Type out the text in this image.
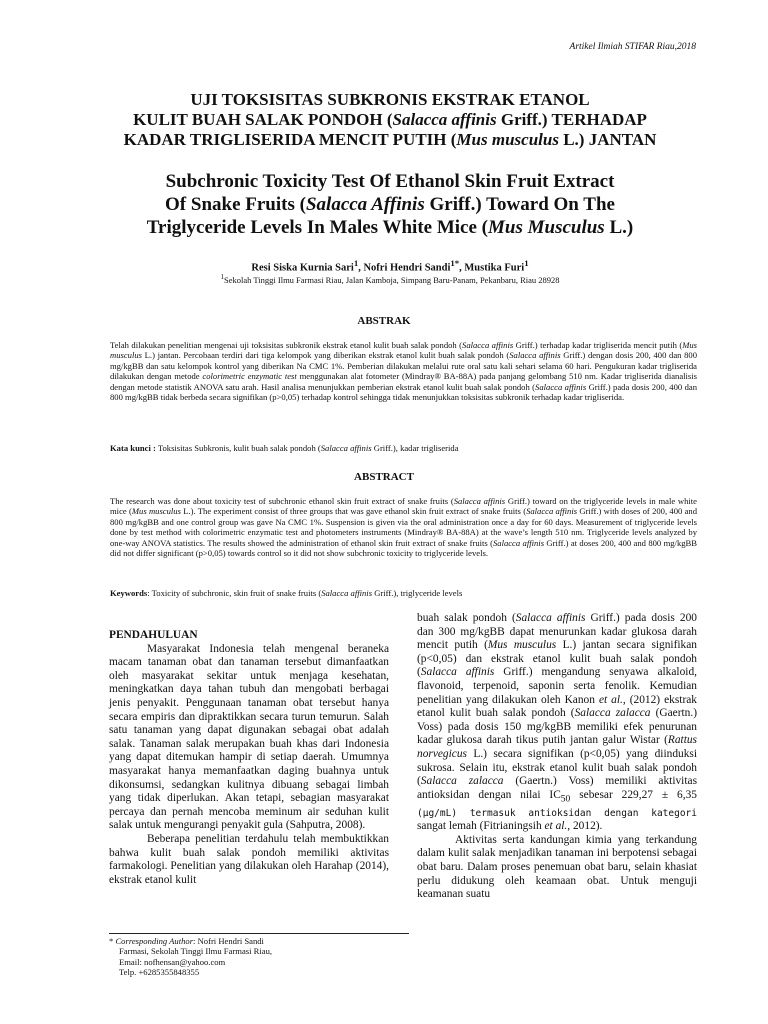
Artikel Ilmiah STIFAR Riau,2018
UJI TOKSISITAS SUBKRONIS EKSTRAK ETANOL
KULIT BUAH SALAK PONDOH (Salacca affinis Griff.) TERHADAP
KADAR TRIGLISERIDA MENCIT PUTIH (Mus musculus L.) JANTAN
Subchronic Toxicity Test Of Ethanol Skin Fruit Extract
Of Snake Fruits (Salacca Affinis Griff.) Toward On The
Triglyceride Levels In Males White Mice (Mus Musculus L.)
Resi Siska Kurnia Sari$^1$, Nofri Hendri Sandi$^{1*}$, Mustika Furi$^1$
$^1$Sekolah Tinggi Ilmu Farmasi Riau, Jalan Kamboja, Simpang Baru-Panam, Pekanbaru, Riau 28928
ABSTRAK
Telah dilakukan penelitian mengenai uji toksisitas subkronik ekstrak etanol kulit buah salak pondoh (Salacca affinis Griff.) terhadap kadar trigliserida mencit putih (Mus musculus L.) jantan. Percobaan terdiri dari tiga kelompok yang diberikan ekstrak etanol kulit buah salak pondoh (Salacca affinis Griff.) dengan dosis 200, 400 dan 800 mg/kgBB dan satu kelompok kontrol yang diberikan Na CMC 1%. Pemberian dilakukan melalui rute oral satu kali sehari selama 60 hari. Pengukuran kadar trigliserida dilakukan dengan metode colorimetric enzymatic test menggunakan alat fotometer (Mindray® BA-88A) pada panjang gelombang 510 nm. Kadar trigliserida dianalisis dengan metode statistik ANOVA satu arah. Hasil analisa menunjukkan pemberian ekstrak etanol kulit buah salak pondoh (Salacca affinis Griff.) pada dosis 200, 400 dan 800 mg/kgBB tidak berbeda secara signifikan (p>0,05) terhadap kontrol sehingga tidak menunjukkan toksisitas subkronik terhadap kadar trigliserida.
Kata kunci : Toksisitas Subkronis, kulit buah salak pondoh (Salacca affinis Griff.), kadar trigliserida
ABSTRACT
The research was done about toxicity test of subchronic ethanol skin fruit extract of snake fruits (Salacca affinis Griff.) toward on the triglyceride levels in male white mice (Mus musculus L.). The experiment consist of three groups that was gave ethanol skin fruit extract of snake fruits (Salacca affinis Griff.) with doses of 200, 400 and 800 mg/kgBB and one control group was gave Na CMC 1%. Suspension is given via the oral administration once a day for 60 days. Measurement of triglyceride levels done by test method with colorimetric enzymatic test and photometers instruments (Mindray® BA-88A) at the wave’s length 510 nm. Triglyceride levels analyzed by one-way ANOVA statistics. The results showed the administration of ethanol skin fruit extract of snake fruits (Salacca affinis Griff.) at doses 200, 400 and 800 mg/kgBB did not differ significant (p>0,05) towards control so it did not show subchronic toxicity to triglyceride levels.
Keywords: Toxicity of subchronic, skin fruit of snake fruits (Salacca affinis Griff.), triglyceride levels
PENDAHULUAN

Masyarakat Indonesia telah mengenal beraneka macam tanaman obat dan tanaman tersebut dimanfaatkan oleh masyarakat sekitar untuk menjaga kesehatan, meningkatkan daya tahan tubuh dan mengobati berbagai jenis penyakit. Penggunaan tanaman obat tersebut hanya secara empiris dan dipraktikkan secara turun temurun. Salah satu tanaman yang dapat digunakan sebagai obat adalah salak. Tanaman salak merupakan buah khas dari Indonesia yang dapat ditemukan hampir di setiap daerah. Umumnya masyarakat hanya memanfaatkan daging buahnya untuk dikonsumsi, sedangkan kulitnya dibuang sebagai limbah yang tidak diperlukan. Akan tetapi, sebagian masyarakat percaya dan pernah mencoba meminum air seduhan kulit salak untuk mengurangi penyakit gula (Sahputra, 2008).

Beberapa penelitian terdahulu telah membuktikkan bahwa kulit buah salak pondoh memiliki aktivitas farmakologi. Penelitian yang dilakukan oleh Harahap (2014), ekstrak etanol kulit

buah salak pondoh (Salacca affinis Griff.) pada dosis 200 dan 300 mg/kgBB dapat menurunkan kadar glukosa darah mencit putih (Mus musculus L.) jantan secara signifikan (p<0,05) dan ekstrak etanol kulit buah salak pondoh (Salacca affinis Griff.) mengandung senyawa alkaloid, flavonoid, terpenoid, saponin serta fenolik. Kemudian penelitian yang dilakukan oleh Kanon et al., (2012) ekstrak etanol kulit buah salak pondoh (Salacca zalacca (Gaertn.) Voss) pada dosis 150 mg/kgBB memiliki efek penurunan kadar glukosa darah tikus putih jantan galur Wistar (Rattus norvegicus L.) secara signifikan (p<0,05) yang diinduksi sukrosa. Selain itu, ekstrak etanol kulit buah salak pondoh (Salacca zalacca (Gaertn.) Voss) memiliki aktivitas antioksidan dengan nilai $IC_{50}$ sebesar 229,27 ± 6,35 (μg/mL) termasuk antioksidan dengan kategori sangat lemah (Fitrianingsih et al., 2012).

Aktivitas serta kandungan kimia yang terkandung dalam kulit salak menjadikan tanaman ini berpotensi sebagai obat baru. Dalam proses penemuan obat baru, selain khasiat perlu didukung oleh keamaan obat. Untuk menguji keamanan suatu

* Corresponding Author: Nofri Hendri Sandi
Farmasi, Sekolah Tinggi Ilmu Farmasi Riau,
Email: nofhensan@yahoo.com
Telp. +6285355848355
